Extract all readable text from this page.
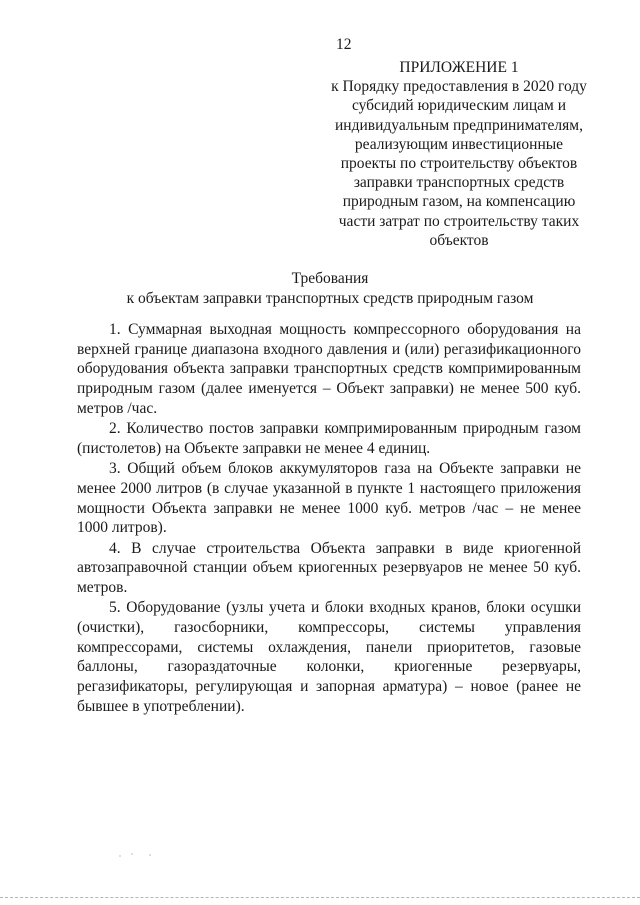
12
ПРИЛОЖЕНИЕ 1
к Порядку предоставления в 2020 году
субсидий юридическим лицам и
индивидуальным предпринимателям,
реализующим инвестиционные
проекты по строительству объектов
заправки транспортных средств
природным газом, на компенсацию
части затрат по строительству таких
объектов
Требования
к объектам заправки транспортных средств природным газом

1. Суммарная выходная мощность компрессорного оборудования на верхней границе диапазона входного давления и (или) регазификационного оборудования объекта заправки транспортных средств компримированным природным газом (далее именуется – Объект заправки) не менее 500 куб. метров /час.

2. Количество постов заправки компримированным природным газом (пистолетов) на Объекте заправки не менее 4 единиц.

3. Общий объем блоков аккумуляторов газа на Объекте заправки не менее 2000 литров (в случае указанной в пункте 1 настоящего приложения мощности Объекта заправки не менее 1000 куб. метров /час – не менее 1000 литров).

4. В случае строительства Объекта заправки в виде криогенной автозаправочной станции объем криогенных резервуаров не менее 50 куб. метров.

5. Оборудование (узлы учета и блоки входных кранов, блоки осушки (очистки), газосборники, компрессоры, системы управления компрессорами, системы охлаждения, панели приоритетов, газовые баллоны, газораздаточные колонки, криогенные резервуары, регазификаторы, регулирующая и запорная арматура) – новое (ранее не бывшее в употреблении).
